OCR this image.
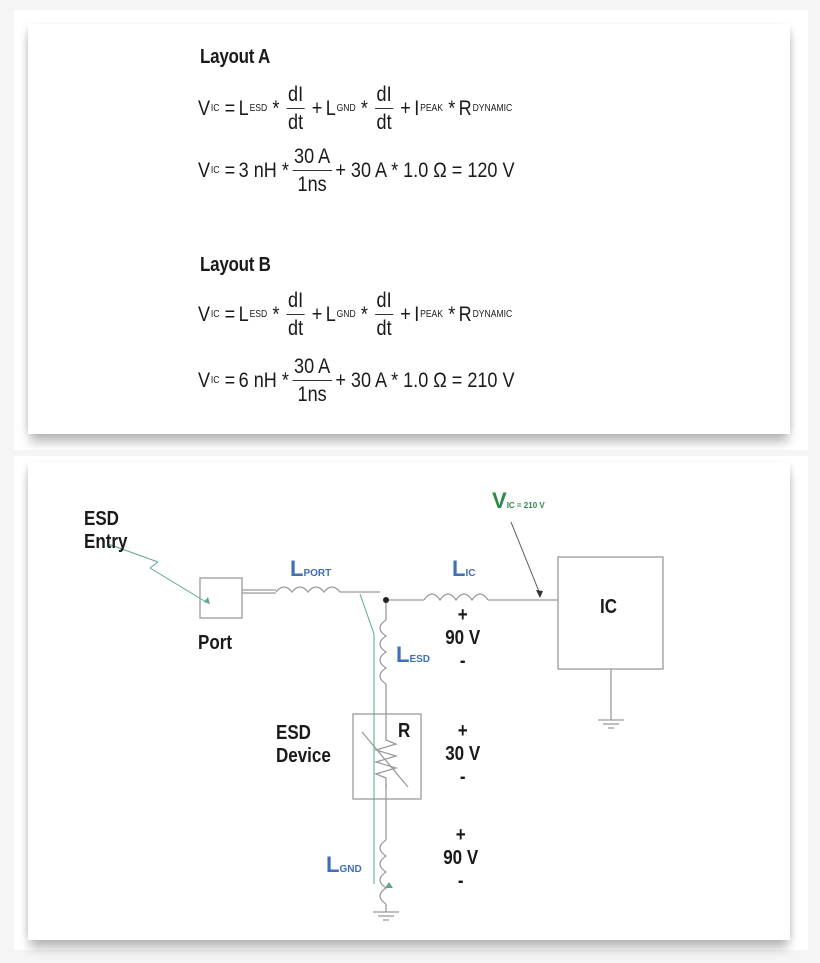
Layout A
V IC = L ESD * $\frac{dI}{dt} + L$ GND * $\frac{dI}{dt} + I$ PEAK * R DYNAMIC
V IC = 3 nH * $\frac{30 A}{1ns} + 30$ A * 1.0 Ω = 120 V
Layout B
V IC = L ESD * $\frac{dI}{dt} + L$ GND * $\frac{dI}{dt} + I$ PEAK * R DYNAMIC
V IC = 6 nH * $\frac{30 A}{1ns} + 30$ A * 1.0 Ω = 210 V
ESD
Entry
Port
LPORT	LIC
LESD
LGND
VIC = 210 V
IC
ESD
Device
R
+
90 V
-
+
30 V
-
+
90 V
-
